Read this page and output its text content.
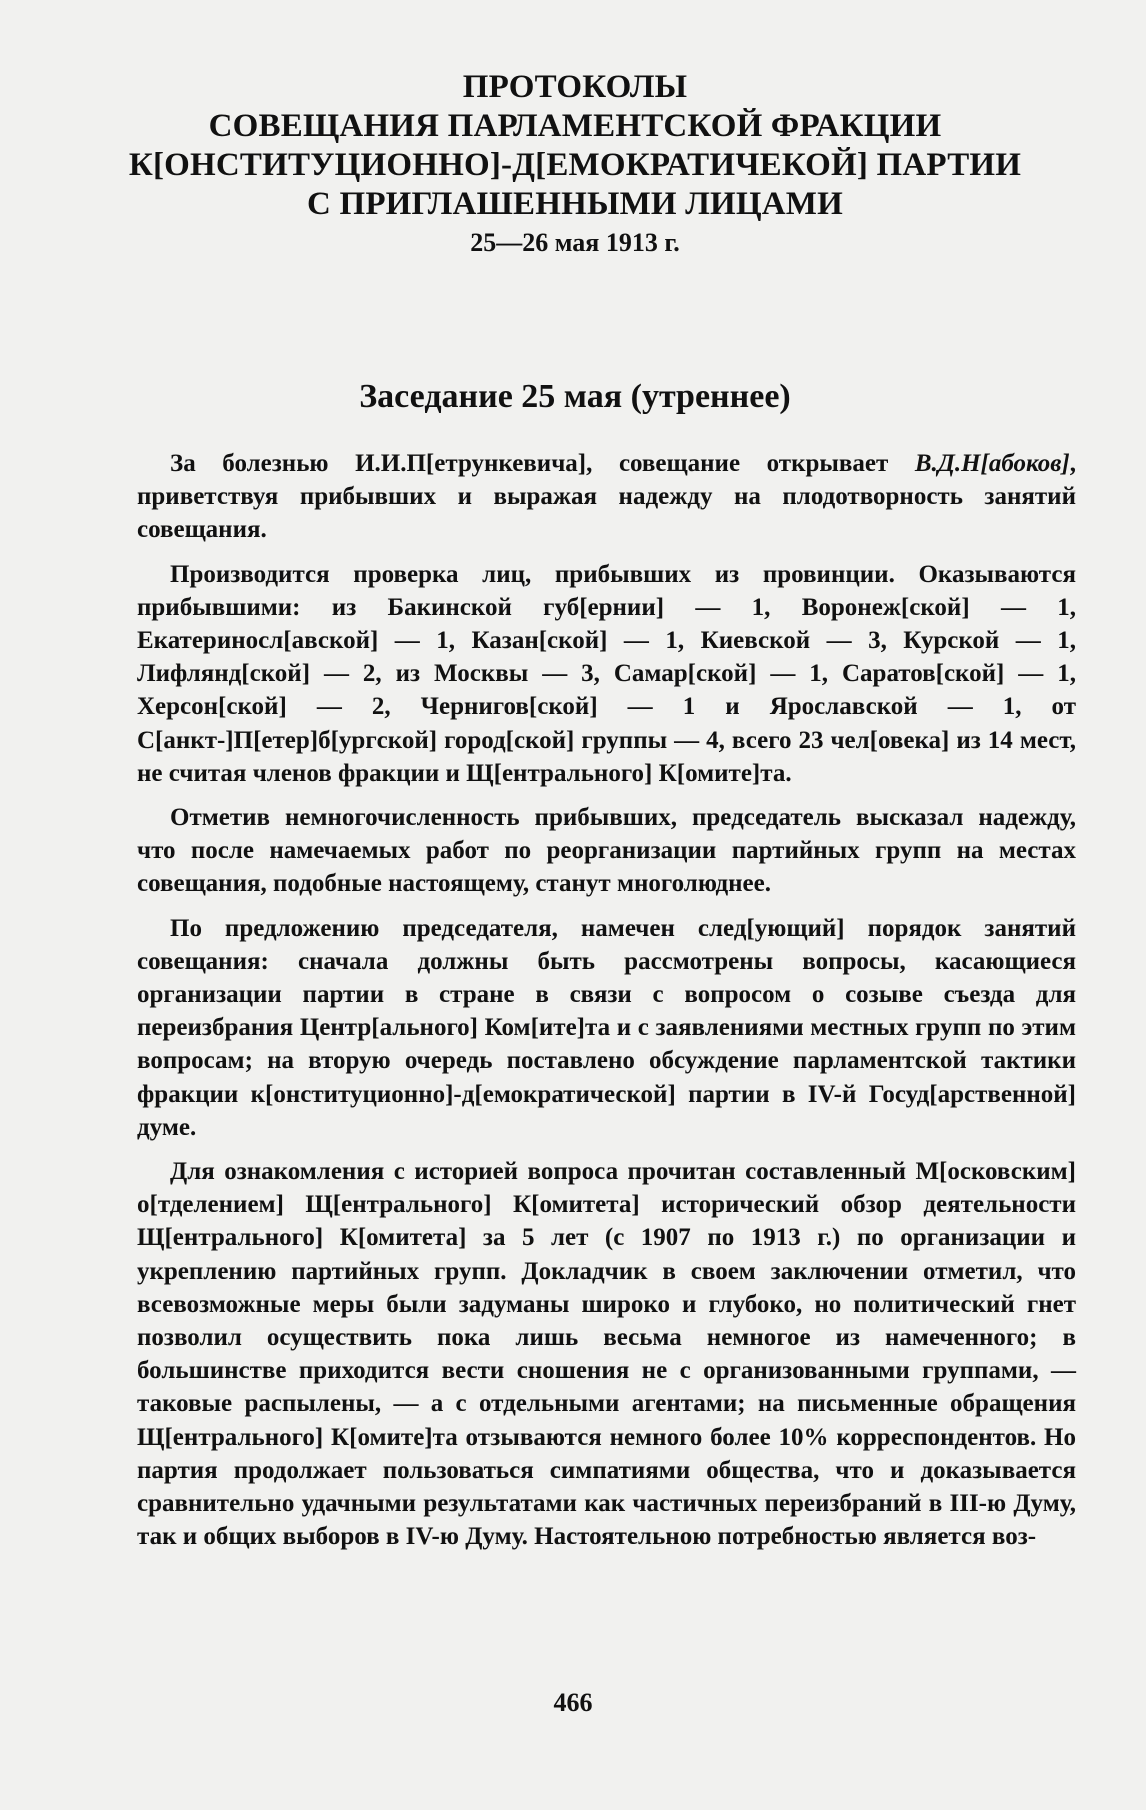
ПРОТОКОЛЫ
СОВЕЩАНИЯ ПАРЛАМЕНТСКОЙ ФРАКЦИИ
К[ОНСТИТУЦИОННО]-Д[ЕМОКРАТИЧЕКОЙ] ПАРТИИ
С ПРИГЛАШЕННЫМИ ЛИЦАМИ
25—26 мая 1913 г.
Заседание 25 мая (утреннее)

За болезнью И.И.П[етрункевича], совещание открывает В.Д.Н[абоков], приветствуя прибывших и выражая надежду на плодотворность занятий совещания.

Производится проверка лиц, прибывших из провинции. Оказываются прибывшими: из Бакинской губ[ернии] — 1, Воронеж[ской] — 1, Екатериносл[авской] — 1, Казан[ской] — 1, Киевской — 3, Курской — 1, Лифлянд[ской] — 2, из Москвы — 3, Самар[ской] — 1, Саратов[ской] — 1, Херсон[ской] — 2, Чернигов[ской] — 1 и Ярославской — 1, от С[анкт-]П[етер]б[ургской] город[ской] группы — 4, всего 23 чел[овека] из 14 мест, не считая членов фракции и Щ[ентрального] К[омите]та.

Отметив немногочисленность прибывших, председатель высказал надежду, что после намечаемых работ по реорганизации партийных групп на местах совещания, подобные настоящему, станут многолюднее.

По предложению председателя, намечен след[ующий] порядок занятий совещания: сначала должны быть рассмотрены вопросы, касающиеся организации партии в стране в связи с вопросом о созыве съезда для переизбрания Центр[ального] Ком[ите]та и с заявлениями местных групп по этим вопросам; на вторую очередь поставлено обсуждение парламентской тактики фракции к[онституционно]-д[емократической] партии в IV-й Госуд[арственной] думе.

Для ознакомления с историей вопроса прочитан составленный М[осковским] о[тделением] Щ[ентрального] К[омитета] исторический обзор деятельности Щ[ентрального] К[омитета] за 5 лет (с 1907 по 1913 г.) по организации и укреплению партийных групп. Докладчик в своем заключении отметил, что всевозможные меры были задуманы широко и глубоко, но политический гнет позволил осуществить пока лишь весьма немногое из намеченного; в большинстве приходится вести сношения не с организованными группами, — таковые распылены, — а с отдельными агентами; на письменные обращения Щ[ентрального] К[омите]та отзываются немного более 10% корреспондентов. Но партия продолжает пользоваться симпатиями общества, что и доказывается сравнительно удачными результатами как частичных переизбраний в III-ю Думу, так и общих выборов в IV-ю Думу. Настоятельною потребностью является воз-

466
